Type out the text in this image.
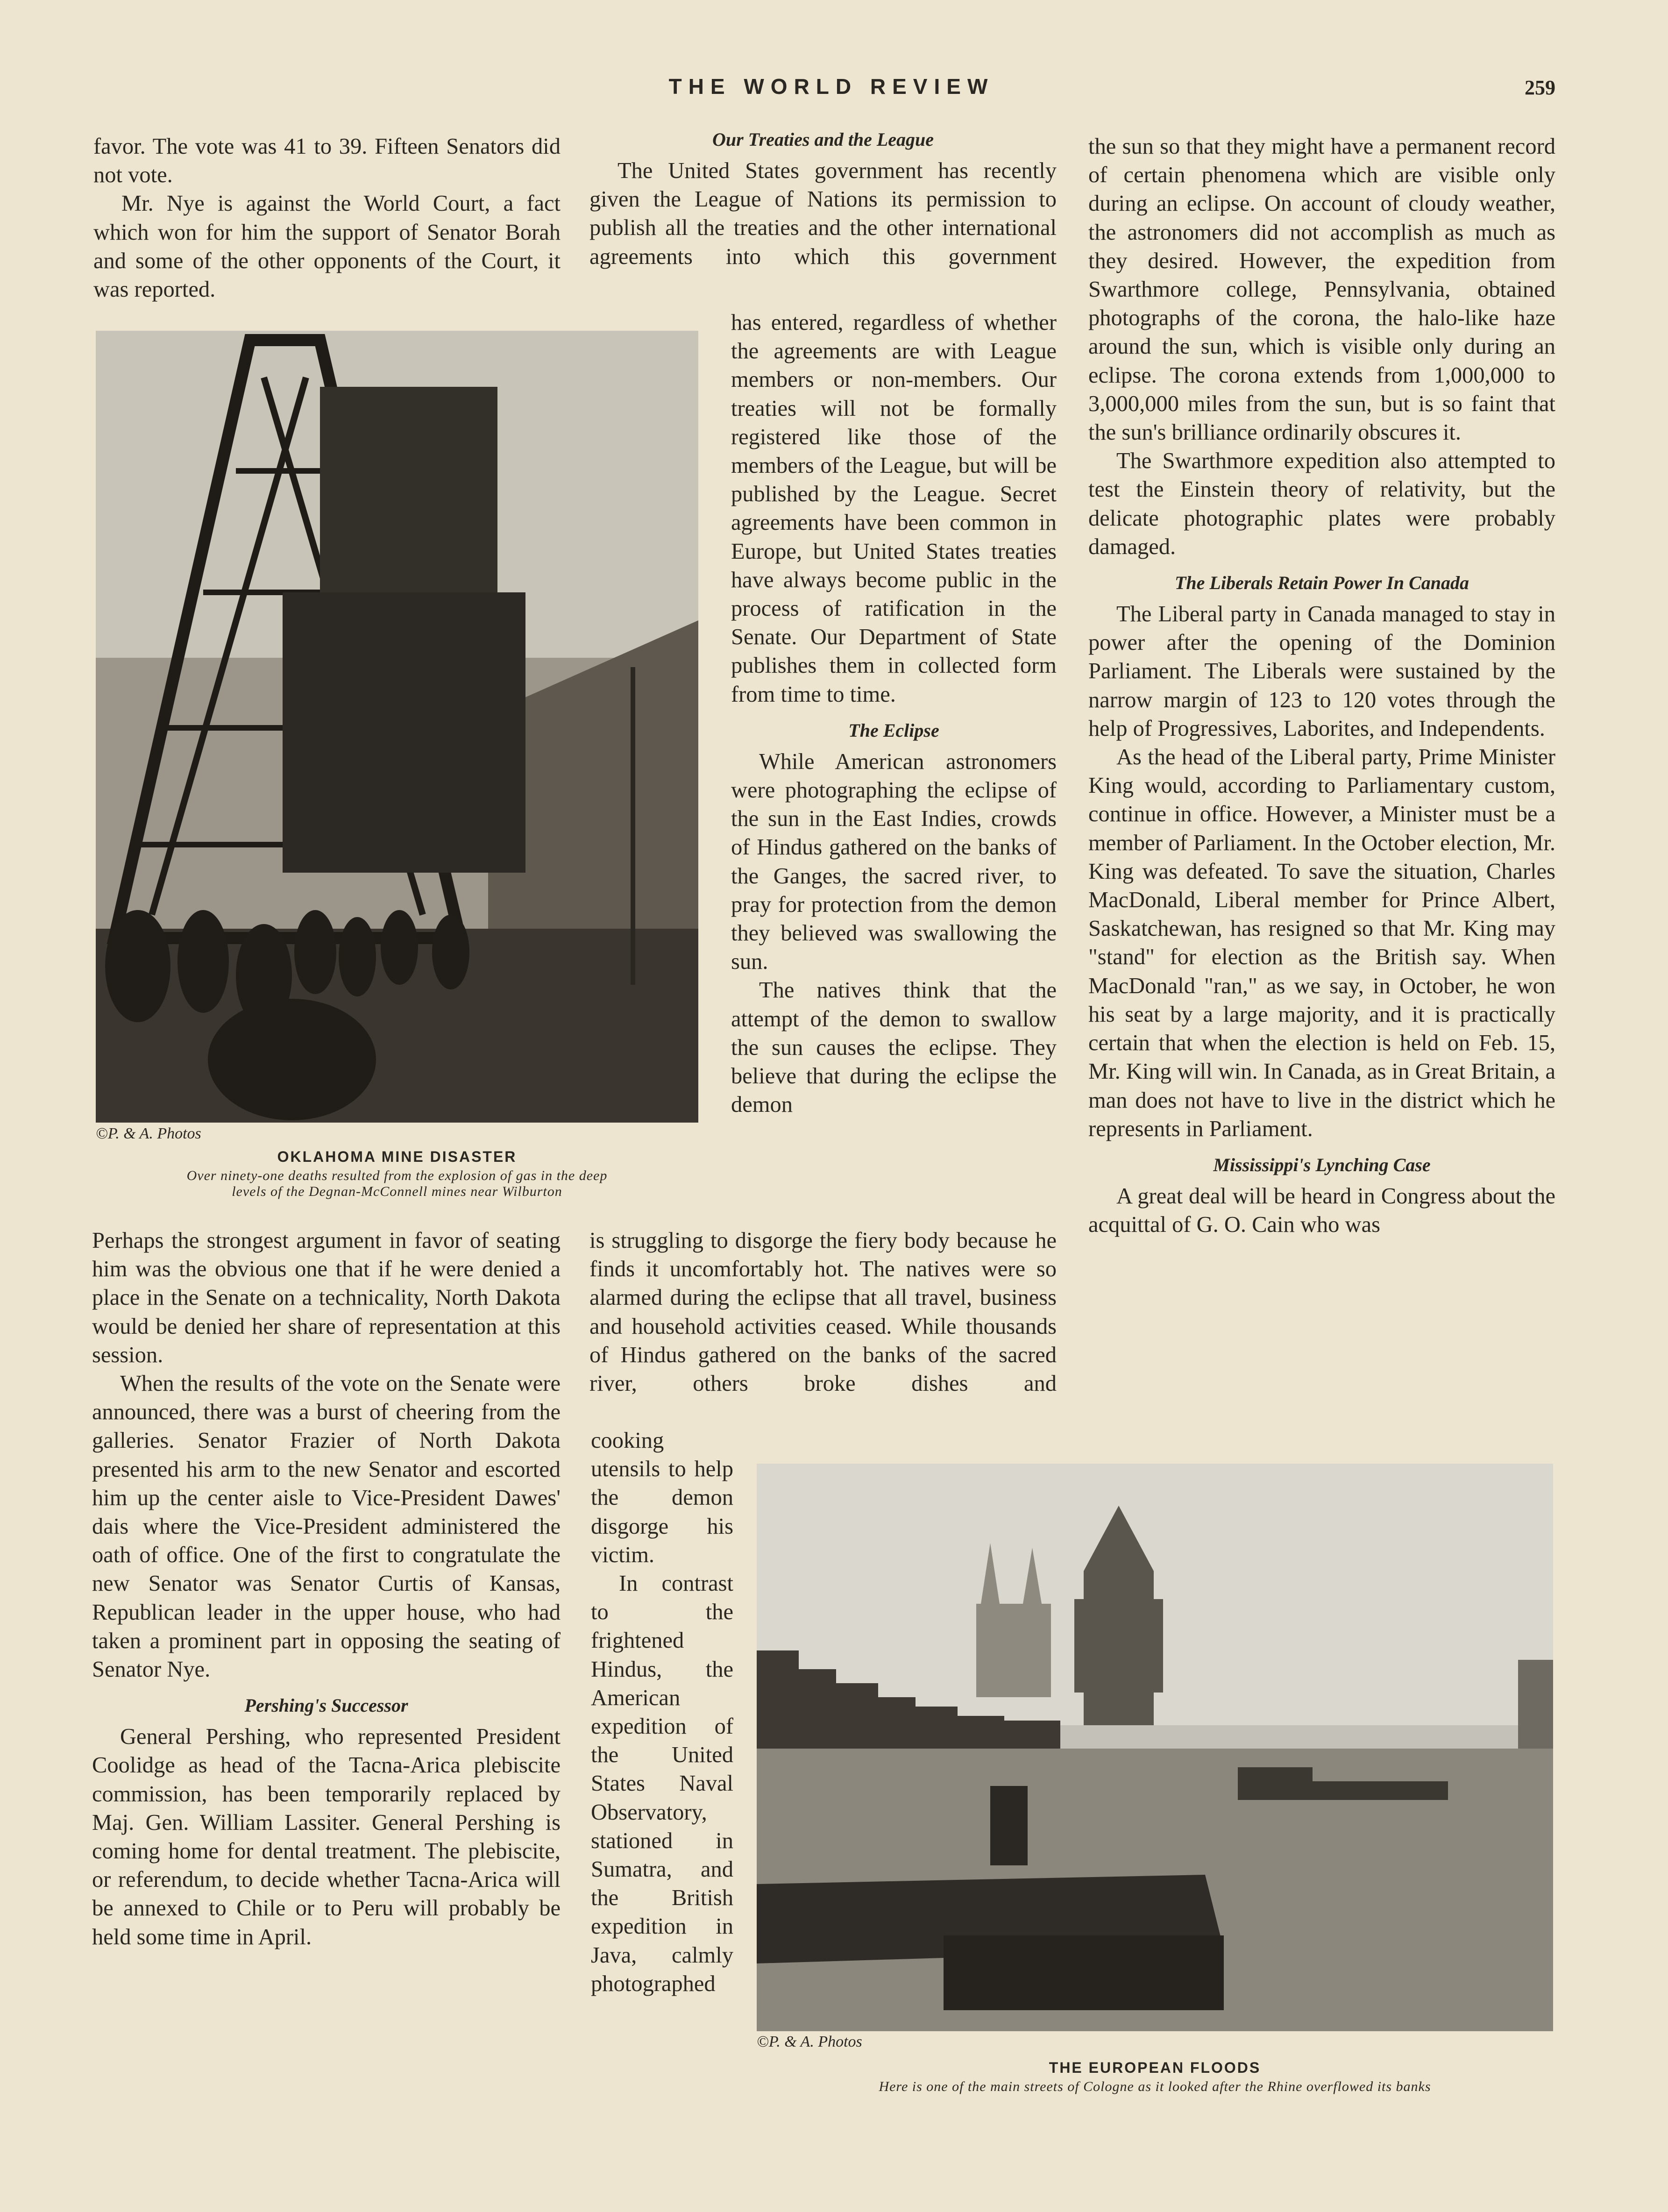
THE WORLD REVIEW	259

favor. The vote was 41 to 39. Fifteen Senators did not vote.

Mr. Nye is against the World Court, a fact which won for him the support of Senator Borah and some of the other opponents of the Court, it was reported.

©P. & A. Photos
OKLAHOMA MINE DISASTER
Over ninety-one deaths resulted from the explosion of gas in the deep
levels of the Degnan-McConnell mines near Wilburton

Perhaps the strongest argument in favor of seating him was the obvious one that if he were denied a place in the Senate on a technicality, North Dakota would be denied her share of representation at this session.

When the results of the vote on the Senate were announced, there was a burst of cheering from the galleries. Senator Frazier of North Dakota presented his arm to the new Senator and escorted him up the center aisle to Vice-President Dawes' dais where the Vice-President administered the oath of office. One of the first to congratulate the new Senator was Senator Curtis of Kansas, Republican leader in the upper house, who had taken a prominent part in opposing the seating of Senator Nye.

Pershing's Successor

General Pershing, who represented President Coolidge as head of the Tacna-Arica plebiscite commission, has been temporarily replaced by Maj. Gen. William Lassiter. General Pershing is coming home for dental treatment. The plebiscite, or referendum, to decide whether Tacna-Arica will be annexed to Chile or to Peru will probably be held some time in April.

Our Treaties and the League

The United States government has recently given the League of Nations its permission to publish all the treaties and the other international agreements into which this government

has entered, regardless of whether the agreements are with League members or non-members. Our treaties will not be formally registered like those of the members of the League, but will be published by the League. Secret agreements have been common in Europe, but United States treaties have always become public in the process of ratification in the Senate. Our Department of State publishes them in collected form from time to time.

The Eclipse

While American astronomers were photographing the eclipse of the sun in the East Indies, crowds of Hindus gathered on the banks of the Ganges, the sacred river, to pray for protection from the demon they believed was swallowing the sun.

The natives think that the attempt of the demon to swallow the sun causes the eclipse. They believe that during the eclipse the demon

is struggling to disgorge the fiery body because he finds it uncomfortably hot. The natives were so alarmed during the eclipse that all travel, business and household activities ceased. While thousands of Hindus gathered on the banks of the sacred river, others broke dishes and

cooking utensils to help the demon disgorge his victim.

In contrast to the frightened Hindus, the American expedition of the United States Naval Observatory, stationed in Sumatra, and the British expedition in Java, calmly photographed

the sun so that they might have a permanent record of certain phenomena which are visible only during an eclipse. On account of cloudy weather, the astronomers did not accomplish as much as they desired. However, the expedition from Swarthmore college, Pennsylvania, obtained photographs of the corona, the halo-like haze around the sun, which is visible only during an eclipse. The corona extends from 1,000,000 to 3,000,000 miles from the sun, but is so faint that the sun's brilliance ordinarily obscures it.

The Swarthmore expedition also attempted to test the Einstein theory of relativity, but the delicate photographic plates were probably damaged.

The Liberals Retain Power In Canada

The Liberal party in Canada managed to stay in power after the opening of the Dominion Parliament. The Liberals were sustained by the narrow margin of 123 to 120 votes through the help of Progressives, Laborites, and Independents.

As the head of the Liberal party, Prime Minister King would, according to Parliamentary custom, continue in office. However, a Minister must be a member of Parliament. In the October election, Mr. King was defeated. To save the situation, Charles MacDonald, Liberal member for Prince Albert, Saskatchewan, has resigned so that Mr. King may "stand" for election as the British say. When MacDonald "ran," as we say, in October, he won his seat by a large majority, and it is practically certain that when the election is held on Feb. 15, Mr. King will win. In Canada, as in Great Britain, a man does not have to live in the district which he represents in Parliament.

Mississippi's Lynching Case

A great deal will be heard in Congress about the acquittal of G. O. Cain who was

©P. & A. Photos
THE EUROPEAN FLOODS
Here is one of the main streets of Cologne as it looked after the Rhine overflowed its banks
